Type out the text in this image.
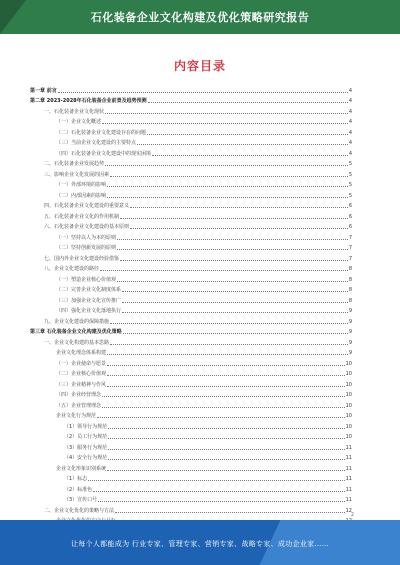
石化装备企业文化构建及优化策略研究报告
内容目录
第一章 前言	4
第二章 2023-2028年石化装备企业前景及趋势预测	4
一、石化装备企业文化现状	4
（一）企业文化概述	4
（二）石化装备企业文化建设存在的问题	4
（三）当前企业文化建设的主要特点	4
（四）石化装备企业文化建设中的现实困境	4
二、石化装备企业发展趋势	5
三、影响企业文化发展的因素	5
（一）外部环境的影响	5
（二）内部因素的影响	5
四、石化装备企业文化建设的重要意义	6
五、石化装备企业文化的作用机制	6
六、石化装备企业文化建设的基本原则	6
（一）坚持以人为本的原则	7
（二）坚持创新发展的原则	7
七、国内外企业文化建设经验借鉴	7
八、企业文化建设的路径	8
（一）塑造企业核心价值观	8
（二）完善企业文化制度体系	8
（三）加强企业文化宣传推广	8
（四）强化企业文化落地执行	9
九、企业文化建设的保障措施	9
第三章 石化装备企业文化构建及优化策略	9
一、企业文化构建的基本思路	9
企业文化理念体系构建	9
（一）企业使命与愿景	10
（二）企业核心价值观	10
（三）企业精神与作风	10
（四）企业经营理念	10
（五）企业管理理念	10
企业文化行为规范	10
（1）领导行为规范	10
（2）员工行为规范	10
（3）服务行为规范	11
（4）安全行为规范	11
企业文化形象识别系统	11
（1）标志	11
（2）标准色	11
（3）宣传口号	11
二、企业文化优化的策略与方法	12
2
让每个人都能成为 行业专家、管理专家、营销专家、战略专家、成功企业家……
